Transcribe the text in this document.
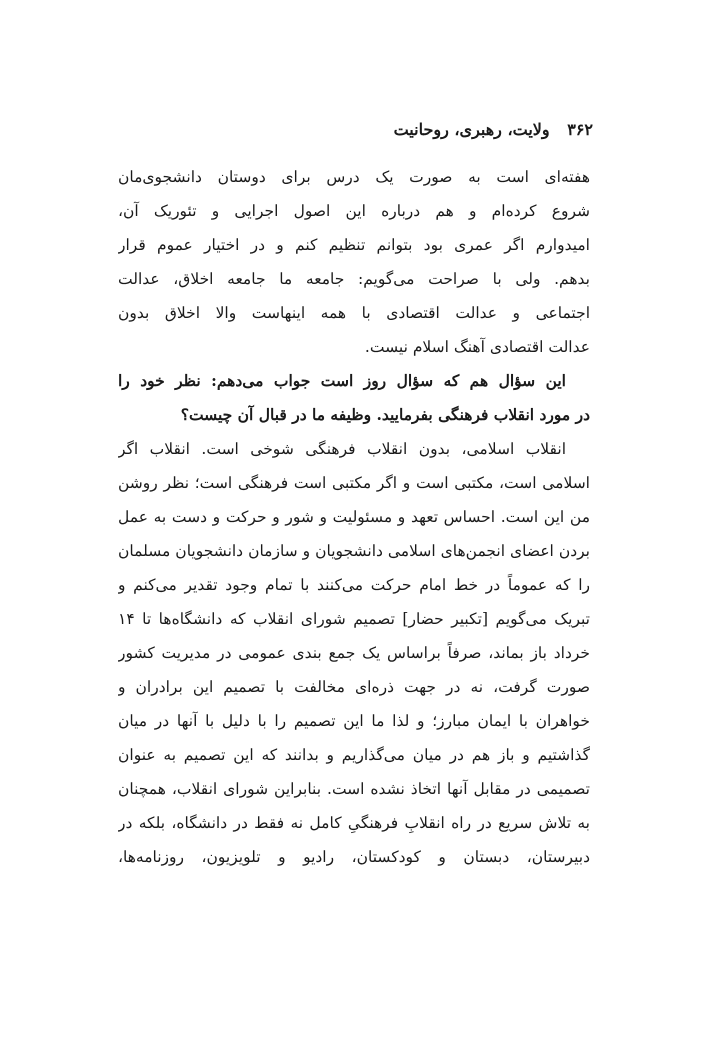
۳۶۲ ولایت، رهبری، روحانیت
هفته‌ای است به صورت یک درس برای دوستان دانشجوی‌مان
شروع کرده‌ام و هم درباره این اصول اجرایی و تئوریک آن،
امیدوارم اگر عمری بود بتوانم تنظیم کنم و در اختیار عموم قرار
بدهم. ولی با صراحت می‌گویم: جامعه ما جامعه اخلاق، عدالت
اجتماعی و عدالت اقتصادی با همه اینهاست والا اخلاق بدون
عدالت اقتصادی آهنگ اسلام نیست.
این سؤال هم که سؤال روز است جواب می‌دهم: نظر خود را
در مورد انقلاب فرهنگی بفرمایید. وظیفه ما در قبال آن چیست؟
انقلاب اسلامی، بدون انقلاب فرهنگی شوخی است. انقلاب اگر
اسلامی است، مکتبی است و اگر مکتبی است فرهنگی است؛ نظر روشن
من این است. احساس تعهد و مسئولیت و شور و حرکت و دست به عمل
بردن اعضای انجمن‌های اسلامی دانشجویان و سازمان دانشجویان مسلمان
را که عموماً در خط امام حرکت می‌کنند با تمام وجود تقدیر می‌کنم و
تبریک می‌گویم [تکبیر حضار] تصمیم شورای انقلاب که دانشگاه‌ها تا ۱۴
خرداد باز بماند، صرفاً براساس یک جمع بندی عمومی در مدیریت کشور
صورت گرفت، نه در جهت ذره‌ای مخالفت با تصمیم این برادران و
خواهران با ایمان مبارز؛ و لذا ما این تصمیم را با دلیل با آنها در میان
گذاشتیم و باز هم در میان می‌گذاریم و بدانند که این تصمیم به عنوان
تصمیمی در مقابل آنها اتخاذ نشده است. بنابراین شورای انقلاب، همچنان
به تلاش سریع در راه انقلابِ فرهنگیِ کامل نه فقط در دانشگاه، بلکه در
دبیرستان، دبستان و کودکستان، رادیو و تلویزیون، روزنامه‌ها،
